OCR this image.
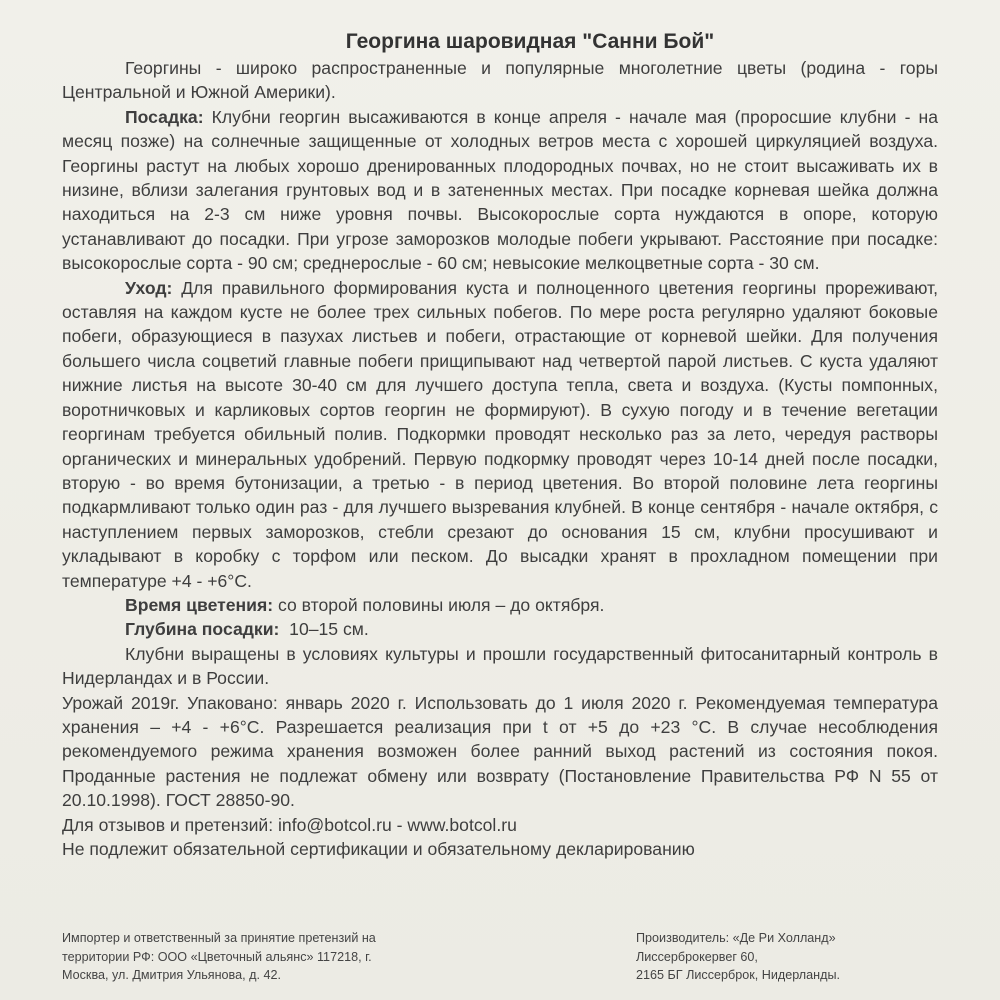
Георгина шаровидная "Санни Бой"

Георгины - широко распространенные и популярные многолетние цветы (родина - горы Центральной и Южной Америки).

Посадка: Клубни георгин высаживаются в конце апреля - начале мая (проросшие клубни - на месяц позже) на солнечные защищенные от холодных ветров места с хорошей циркуляцией воздуха. Георгины растут на любых хорошо дренированных плодородных почвах, но не стоит высаживать их в низине, вблизи залегания грунтовых вод и в затененных местах. При посадке корневая шейка должна находиться на 2-3 см ниже уровня почвы. Высокорослые сорта нуждаются в опоре, которую устанавливают до посадки. При угрозе заморозков молодые побеги укрывают. Расстояние при посадке: высокорослые сорта - 90 см; среднерослые - 60 см; невысокие мелкоцветные сорта - 30 см.

Уход: Для правильного формирования куста и полноценного цветения георгины прореживают, оставляя на каждом кусте не более трех сильных побегов. По мере роста регулярно удаляют боковые побеги, образующиеся в пазухах листьев и побеги, отрастающие от корневой шейки. Для получения большего числа соцветий главные побеги прищипывают над четвертой парой листьев. С куста удаляют нижние листья на высоте 30-40 см для лучшего доступа тепла, света и воздуха. (Кусты помпонных, воротничковых и карликовых сортов георгин не формируют). В сухую погоду и в течение вегетации георгинам требуется обильный полив. Подкормки проводят несколько раз за лето, чередуя растворы органических и минеральных удобрений. Первую подкормку проводят через 10-14 дней после посадки, вторую - во время бутонизации, а третью - в период цветения. Во второй половине лета георгины подкармливают только один раз - для лучшего вызревания клубней. В конце сентября - начале октября, с наступлением первых заморозков, стебли срезают до основания 15 см, клубни просушивают и укладывают в коробку с торфом или песком. До высадки хранят в прохладном помещении при температуре +4 - +6°С.

Время цветения: со второй половины июля – до октября.

Глубина посадки:  10–15 см.

Клубни выращены в условиях культуры и прошли государственный фитосанитарный контроль в Нидерландах и в России.

Урожай 2019г. Упаковано: январь 2020 г. Использовать до 1 июля 2020 г. Рекомендуемая температура хранения – +4 - +6°С. Разрешается реализация при t от +5 до +23 °С. В случае несоблюдения рекомендуемого режима хранения возможен более ранний выход растений из состояния покоя. Проданные растения не подлежат обмену или возврату (Постановление Правительства РФ N 55 от 20.10.1998). ГОСТ 28850-90.

Для отзывов и претензий: info@botcol.ru - www.botcol.ru

Не подлежит обязательной сертификации и обязательному декларированию

Импортер и ответственный за принятие претензий на
территории РФ: ООО «Цветочный альянс» 117218, г.
Москва, ул. Дмитрия Ульянова, д. 42.
Производитель: «Де Ри Холланд»
Лиссерброкервег 60,
2165 БГ Лиссерброк, Нидерланды.
